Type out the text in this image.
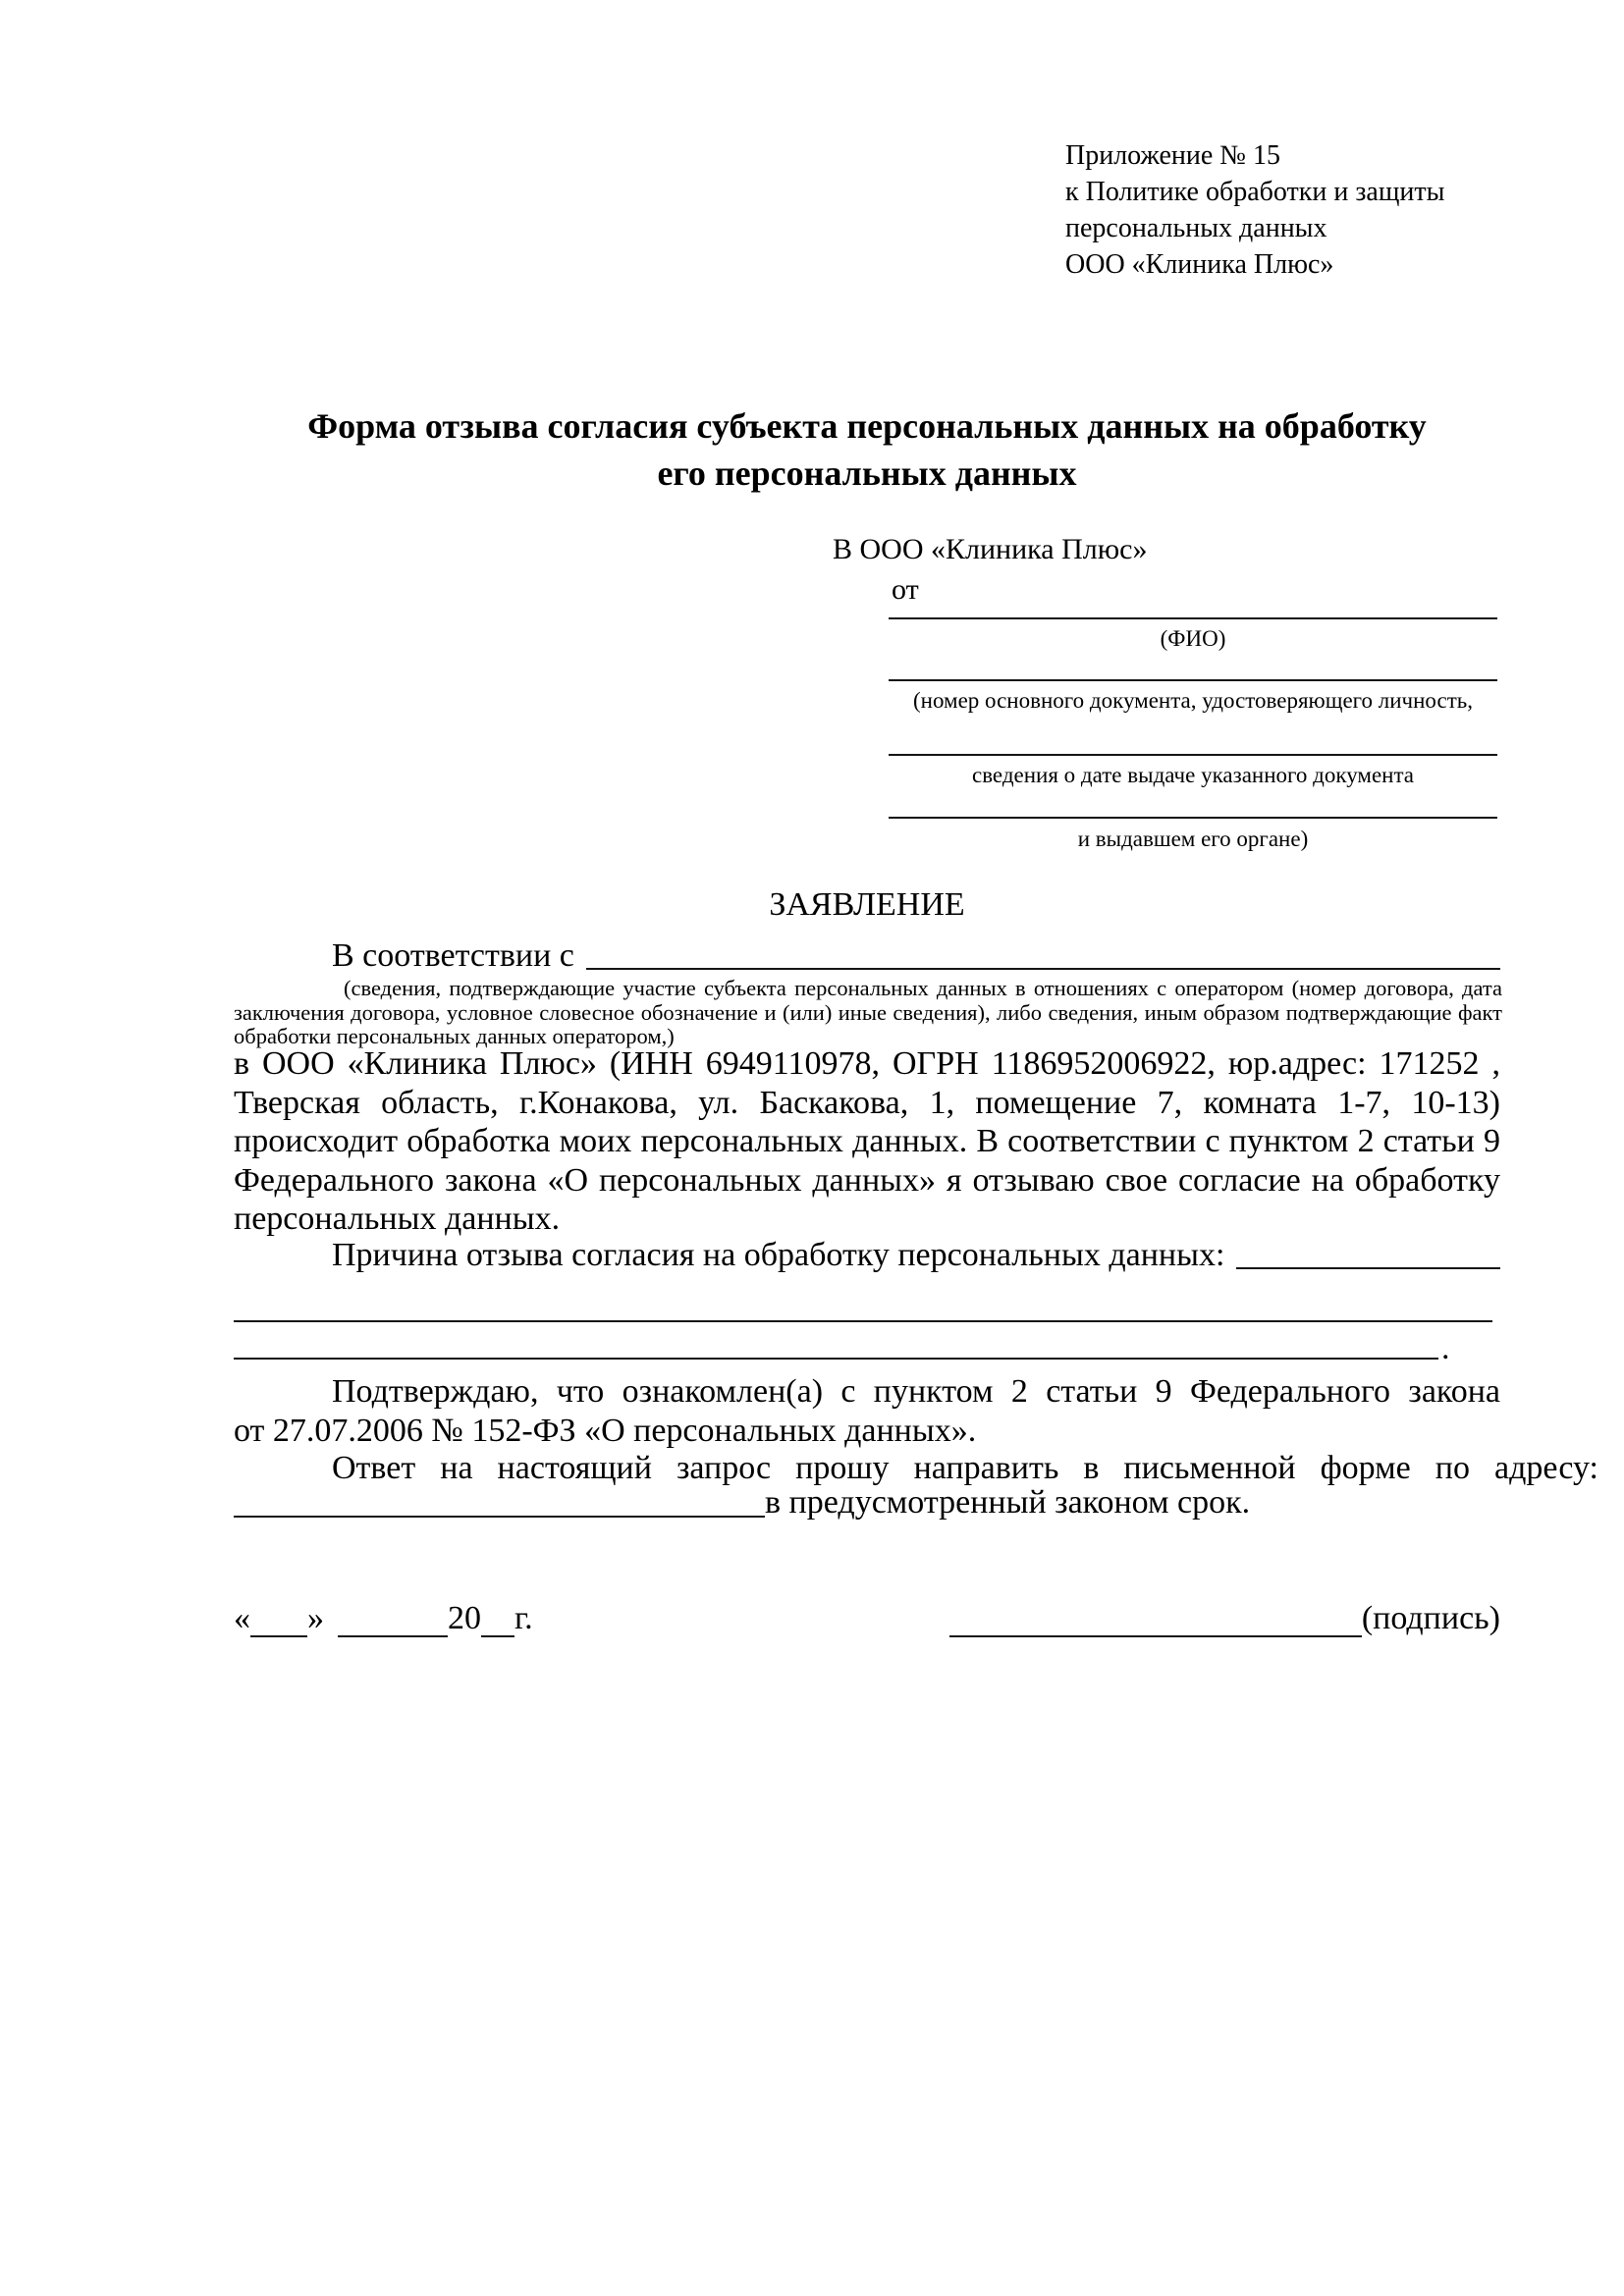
Приложение № 15
к Политике обработки и защиты
персональных данных
ООО «Клиника Плюс»
Форма отзыва согласия субъекта персональных данных на обработку
его персональных данных
В ООО «Клиника Плюс»
от
(ФИО)
(номер основного документа, удостоверяющего личность,
сведения о дате выдаче указанного документа
и выдавшем его органе)
ЗАЯВЛЕНИЕ
В соответствии с
(сведения, подтверждающие участие субъекта персональных данных в отношениях с оператором (номер договора, дата
заключения договора, условное словесное обозначение и (или) иные сведения), либо сведения, иным образом подтверждающие факт
обработки персональных данных оператором,)
в ООО «Клиника Плюс» (ИНН 6949110978, ОГРН 1186952006922, юр.адрес: 171252 ,
Тверская область, г.Конакова, ул. Баскакова, 1, помещение 7, комната 1-7, 10-13)
происходит обработка моих персональных данных. В соответствии с пунктом 2 статьи 9
Федерального закона «О персональных данных» я отзываю свое согласие на обработку
персональных данных.
Причина отзыва согласия на обработку персональных данных:
.
Подтверждаю, что ознакомлен(а) с пунктом 2 статьи 9 Федерального закона
от 27.07.2006 № 152-ФЗ «О персональных данных».
Ответ на настоящий запрос прошу направить в письменной форме по адресу:
в предусмотренный законом срок.
« »	20 г.	(подпись)
